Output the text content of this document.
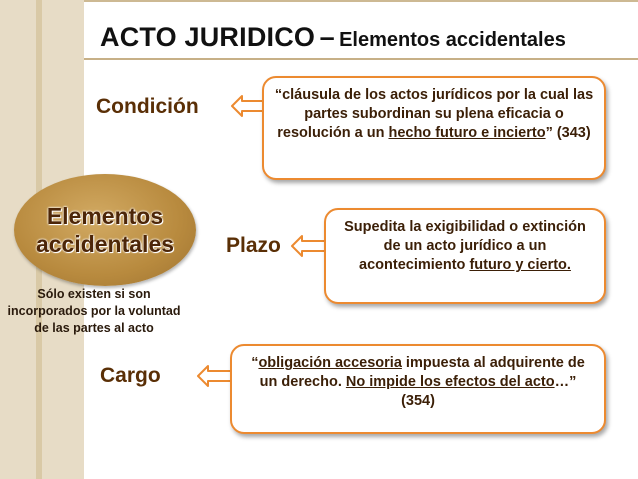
ACTO JURIDICO – Elementos accidentales
Condición	“cláusula de los actos jurídicos por la cual las partes subordinan su plena eficacia o resolución a un hecho futuro e incierto” (343)
Elementos
accidentales
Sólo existen si son incorporados por la voluntad de las partes al acto
Plazo
Supedita la exigibilidad o extinción de un acto jurídico a un acontecimiento futuro y cierto.
Cargo
“obligación accesoria impuesta al adquirente de un derecho. No impide los efectos del acto…” (354)
